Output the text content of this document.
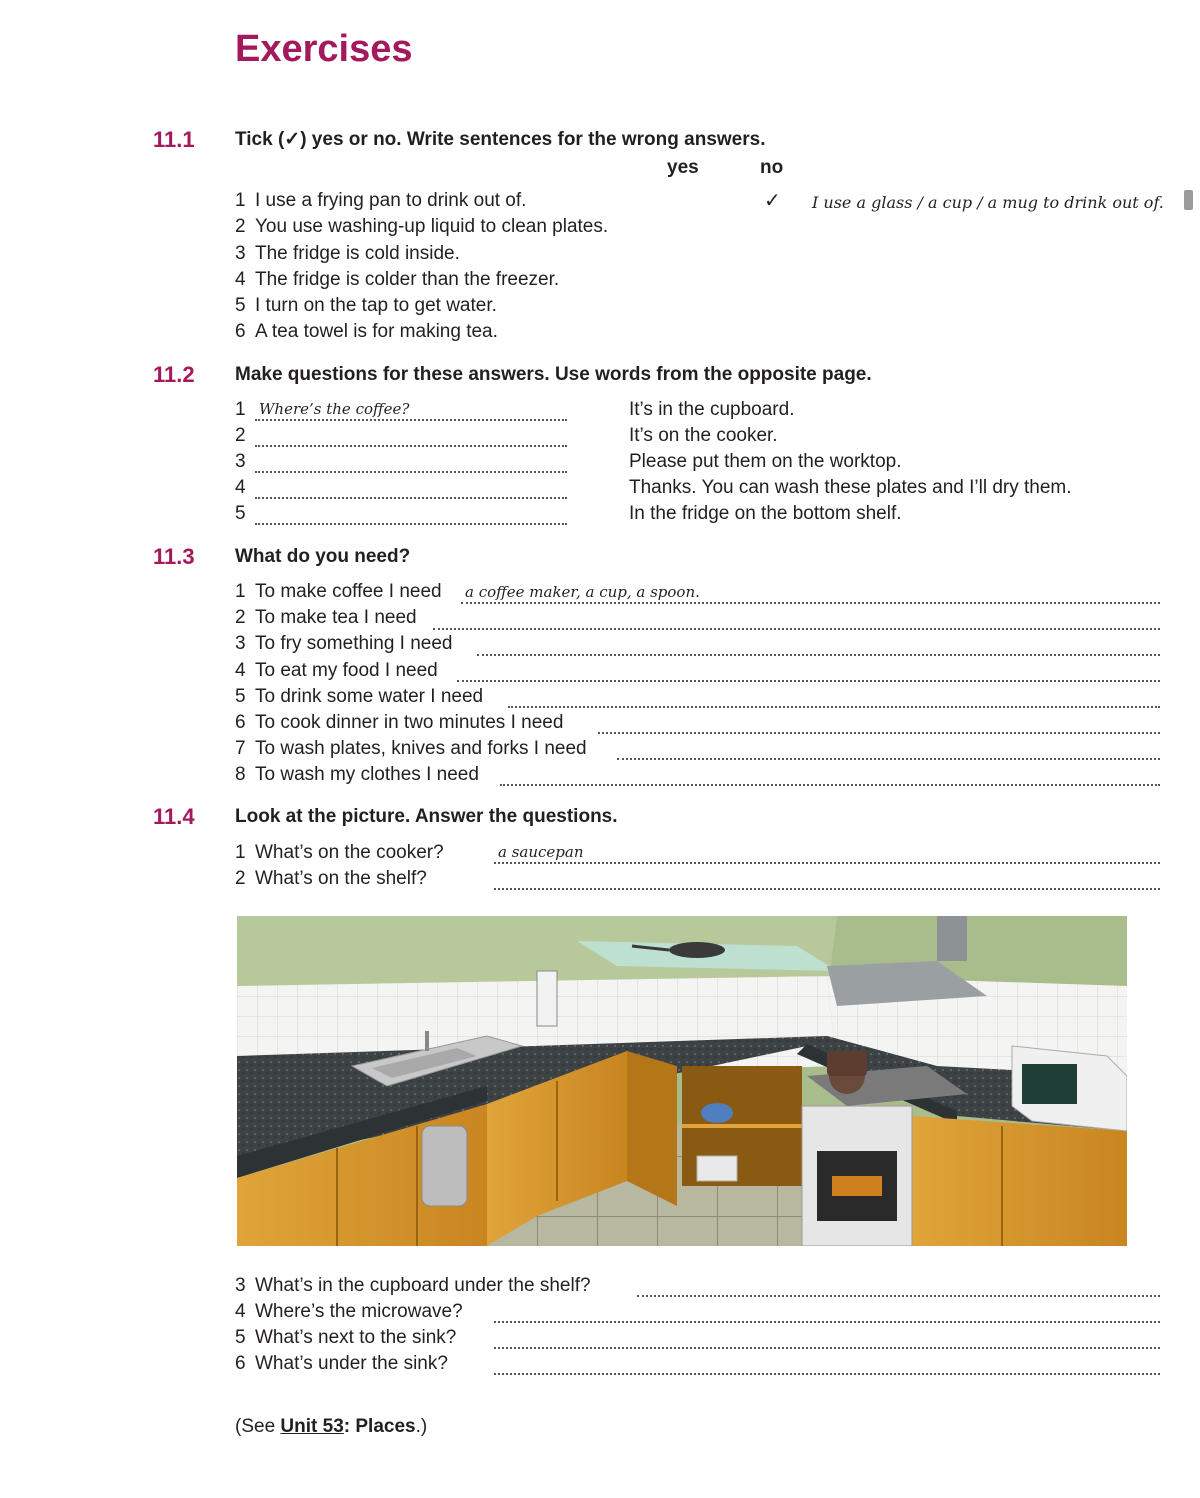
Exercises
11.1 Tick (✓) yes or no. Write sentences for the wrong answers.
yes	no
1 I use a frying pan to drink out of.	✓ I use a glass / a cup / a mug to drink out of.
2 You use washing-up liquid to clean plates.
3 The fridge is cold inside.
4 The fridge is colder than the freezer.
5 I turn on the tap to get water.
6 A tea towel is for making tea.
11.2 Make questions for these answers. Use words from the opposite page.
1 Where’s the coffee?	It’s in the cupboard.
2	It’s on the cooker.
3	Please put them on the worktop.
4	Thanks. You can wash these plates and I’ll dry them.
5	In the fridge on the bottom shelf.
11.3 What do you need?
1 To make coffee I need a coffee maker, a cup, a spoon.
2 To make tea I need
3 To fry something I need
4 To eat my food I need
5 To drink some water I need
6 To cook dinner in two minutes I need
7 To wash plates, knives and forks I need
8 To wash my clothes I need
11.4 Look at the picture. Answer the questions.
1 What’s on the cooker?	a saucepan
2 What’s on the shelf?
3 What’s in the cupboard under the shelf?
4 Where’s the microwave?
5 What’s next to the sink?
6 What’s under the sink?
(See Unit 53: Places.)
